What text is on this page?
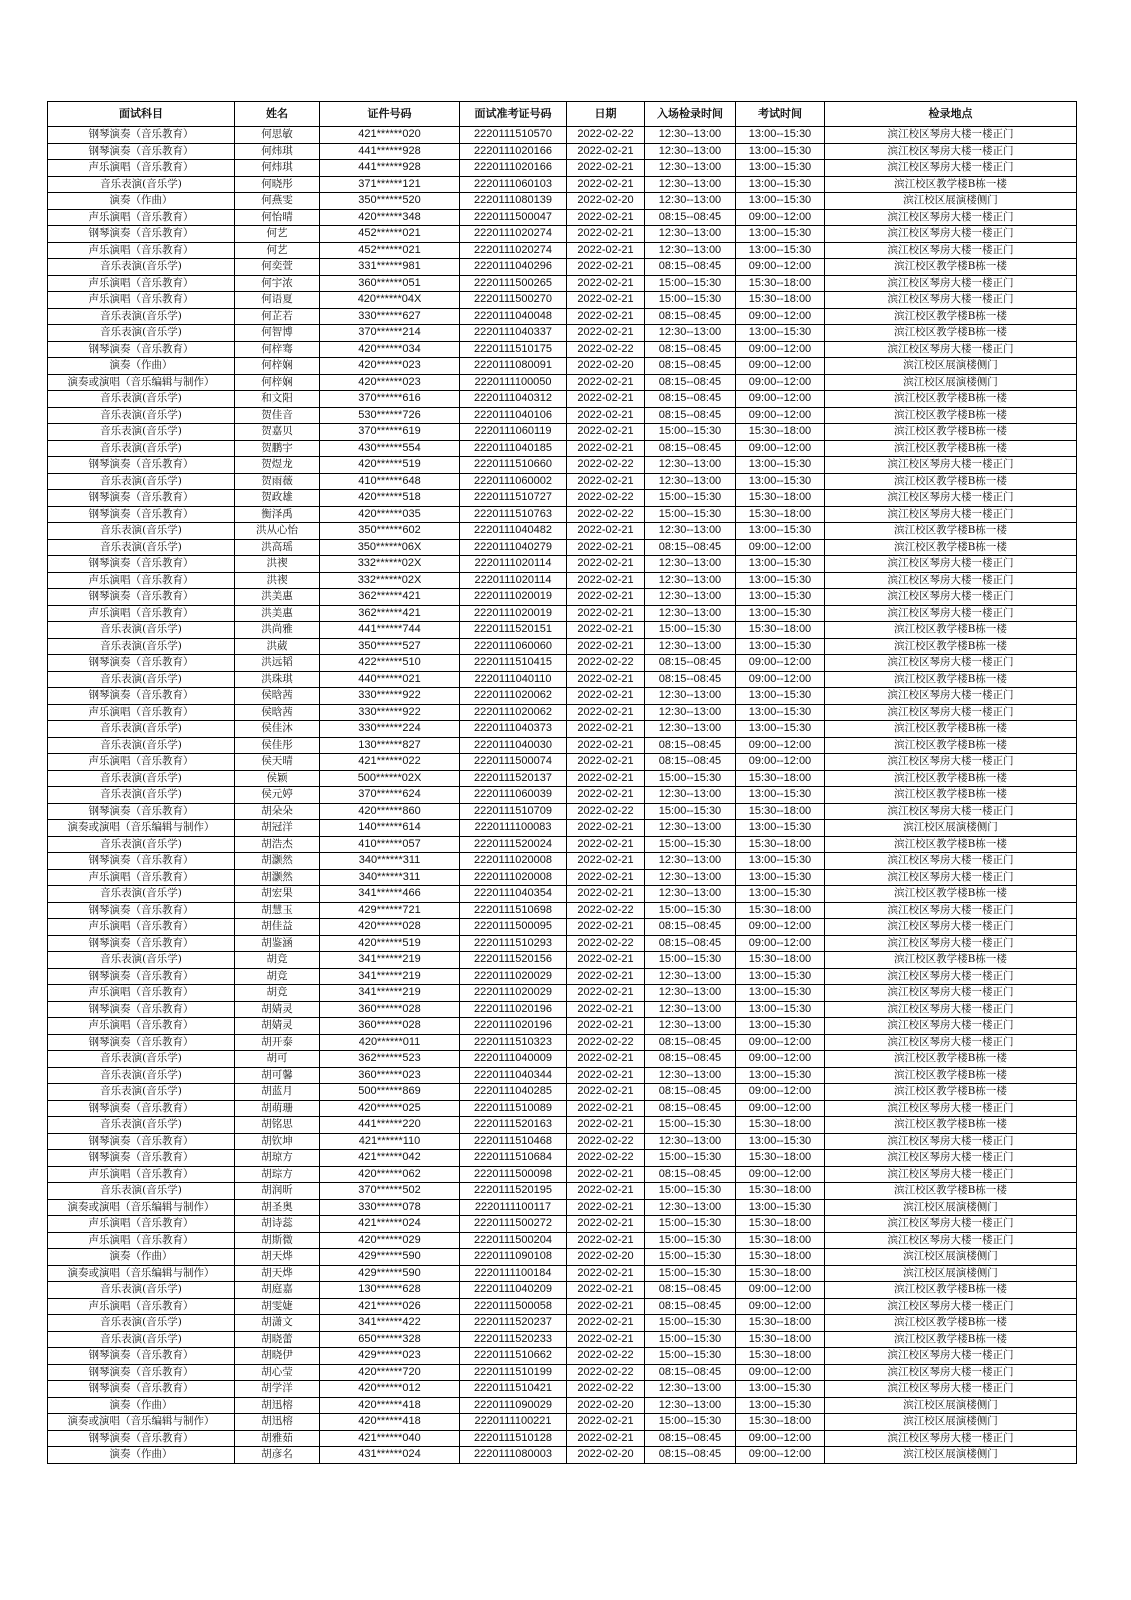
面试科目	姓名	证件号码	面试准考证号码	日期	入场检录时间	考试时间	检录地点
钢琴演奏（音乐教育）	何思敏	421******020	2220111510570	2022-02-22	12:30--13:00	13:00--15:30	滨江校区琴房大楼一楼正门
钢琴演奏（音乐教育）	何炜琪	441******928	2220111020166	2022-02-21	12:30--13:00	13:00--15:30	滨江校区琴房大楼一楼正门
声乐演唱（音乐教育）	何炜琪	441******928	2220111020166	2022-02-21	12:30--13:00	13:00--15:30	滨江校区琴房大楼一楼正门
音乐表演(音乐学)	何晓彤	371******121	2220111060103	2022-02-21	12:30--13:00	13:00--15:30	滨江校区教学楼B栋一楼
演奏（作曲）	何燕雯	350******520	2220111080139	2022-02-20	12:30--13:00	13:00--15:30	滨江校区展演楼侧门
声乐演唱（音乐教育）	何怡晴	420******348	2220111500047	2022-02-21	08:15--08:45	09:00--12:00	滨江校区琴房大楼一楼正门
钢琴演奏（音乐教育）	何艺	452******021	2220111020274	2022-02-21	12:30--13:00	13:00--15:30	滨江校区琴房大楼一楼正门
声乐演唱（音乐教育）	何艺	452******021	2220111020274	2022-02-21	12:30--13:00	13:00--15:30	滨江校区琴房大楼一楼正门
音乐表演(音乐学)	何奕萱	331******981	2220111040296	2022-02-21	08:15--08:45	09:00--12:00	滨江校区教学楼B栋一楼
声乐演唱（音乐教育）	何宇浓	360******051	2220111500265	2022-02-21	15:00--15:30	15:30--18:00	滨江校区琴房大楼一楼正门
声乐演唱（音乐教育）	何语夏	420******04X	2220111500270	2022-02-21	15:00--15:30	15:30--18:00	滨江校区琴房大楼一楼正门
音乐表演(音乐学)	何芷若	330******627	2220111040048	2022-02-21	08:15--08:45	09:00--12:00	滨江校区教学楼B栋一楼
音乐表演(音乐学)	何智博	370******214	2220111040337	2022-02-21	12:30--13:00	13:00--15:30	滨江校区教学楼B栋一楼
钢琴演奏（音乐教育）	何梓骞	420******034	2220111510175	2022-02-22	08:15--08:45	09:00--12:00	滨江校区琴房大楼一楼正门
演奏（作曲）	何梓娴	420******023	2220111080091	2022-02-20	08:15--08:45	09:00--12:00	滨江校区展演楼侧门
演奏或演唱（音乐编辑与制作）	何梓娴	420******023	2220111100050	2022-02-21	08:15--08:45	09:00--12:00	滨江校区展演楼侧门
音乐表演(音乐学)	和文阳	370******616	2220111040312	2022-02-21	08:15--08:45	09:00--12:00	滨江校区教学楼B栋一楼
音乐表演(音乐学)	贺佳音	530******726	2220111040106	2022-02-21	08:15--08:45	09:00--12:00	滨江校区教学楼B栋一楼
音乐表演(音乐学)	贺嘉贝	370******619	2220111060119	2022-02-21	15:00--15:30	15:30--18:00	滨江校区教学楼B栋一楼
音乐表演(音乐学)	贺鹏宇	430******554	2220111040185	2022-02-21	08:15--08:45	09:00--12:00	滨江校区教学楼B栋一楼
钢琴演奏（音乐教育）	贺煜龙	420******519	2220111510660	2022-02-22	12:30--13:00	13:00--15:30	滨江校区琴房大楼一楼正门
音乐表演(音乐学)	贺雨薇	410******648	2220111060002	2022-02-21	12:30--13:00	13:00--15:30	滨江校区教学楼B栋一楼
钢琴演奏（音乐教育）	贺政雄	420******518	2220111510727	2022-02-22	15:00--15:30	15:30--18:00	滨江校区琴房大楼一楼正门
钢琴演奏（音乐教育）	衡泽禹	420******035	2220111510763	2022-02-22	15:00--15:30	15:30--18:00	滨江校区琴房大楼一楼正门
音乐表演(音乐学)	洪从心怡	350******602	2220111040482	2022-02-21	12:30--13:00	13:00--15:30	滨江校区教学楼B栋一楼
音乐表演(音乐学)	洪高瑶	350******06X	2220111040279	2022-02-21	08:15--08:45	09:00--12:00	滨江校区教学楼B栋一楼
钢琴演奏（音乐教育）	洪禊	332******02X	2220111020114	2022-02-21	12:30--13:00	13:00--15:30	滨江校区琴房大楼一楼正门
声乐演唱（音乐教育）	洪禊	332******02X	2220111020114	2022-02-21	12:30--13:00	13:00--15:30	滨江校区琴房大楼一楼正门
钢琴演奏（音乐教育）	洪美惠	362******421	2220111020019	2022-02-21	12:30--13:00	13:00--15:30	滨江校区琴房大楼一楼正门
声乐演唱（音乐教育）	洪美惠	362******421	2220111020019	2022-02-21	12:30--13:00	13:00--15:30	滨江校区琴房大楼一楼正门
音乐表演(音乐学)	洪尚雅	441******744	2220111520151	2022-02-21	15:00--15:30	15:30--18:00	滨江校区教学楼B栋一楼
音乐表演(音乐学)	洪葳	350******527	2220111060060	2022-02-21	12:30--13:00	13:00--15:30	滨江校区教学楼B栋一楼
钢琴演奏（音乐教育）	洪远韬	422******510	2220111510415	2022-02-22	08:15--08:45	09:00--12:00	滨江校区琴房大楼一楼正门
音乐表演(音乐学)	洪珠琪	440******021	2220111040110	2022-02-21	08:15--08:45	09:00--12:00	滨江校区教学楼B栋一楼
钢琴演奏（音乐教育）	侯晗茜	330******922	2220111020062	2022-02-21	12:30--13:00	13:00--15:30	滨江校区琴房大楼一楼正门
声乐演唱（音乐教育）	侯晗茜	330******922	2220111020062	2022-02-21	12:30--13:00	13:00--15:30	滨江校区琴房大楼一楼正门
音乐表演(音乐学)	侯佳沐	330******224	2220111040373	2022-02-21	12:30--13:00	13:00--15:30	滨江校区教学楼B栋一楼
音乐表演(音乐学)	侯佳彤	130******827	2220111040030	2022-02-21	08:15--08:45	09:00--12:00	滨江校区教学楼B栋一楼
声乐演唱（音乐教育）	侯天晴	421******022	2220111500074	2022-02-21	08:15--08:45	09:00--12:00	滨江校区琴房大楼一楼正门
音乐表演(音乐学)	侯颖	500******02X	2220111520137	2022-02-21	15:00--15:30	15:30--18:00	滨江校区教学楼B栋一楼
音乐表演(音乐学)	侯元婷	370******624	2220111060039	2022-02-21	12:30--13:00	13:00--15:30	滨江校区教学楼B栋一楼
钢琴演奏（音乐教育）	胡朵朵	420******860	2220111510709	2022-02-22	15:00--15:30	15:30--18:00	滨江校区琴房大楼一楼正门
演奏或演唱（音乐编辑与制作）	胡冠洋	140******614	2220111100083	2022-02-21	12:30--13:00	13:00--15:30	滨江校区展演楼侧门
音乐表演(音乐学)	胡浩杰	410******057	2220111520024	2022-02-21	15:00--15:30	15:30--18:00	滨江校区教学楼B栋一楼
钢琴演奏（音乐教育）	胡灏然	340******311	2220111020008	2022-02-21	12:30--13:00	13:00--15:30	滨江校区琴房大楼一楼正门
声乐演唱（音乐教育）	胡灏然	340******311	2220111020008	2022-02-21	12:30--13:00	13:00--15:30	滨江校区琴房大楼一楼正门
音乐表演(音乐学)	胡宏果	341******466	2220111040354	2022-02-21	12:30--13:00	13:00--15:30	滨江校区教学楼B栋一楼
钢琴演奏（音乐教育）	胡慧玉	429******721	2220111510698	2022-02-22	15:00--15:30	15:30--18:00	滨江校区琴房大楼一楼正门
声乐演唱（音乐教育）	胡佳益	420******028	2220111500095	2022-02-21	08:15--08:45	09:00--12:00	滨江校区琴房大楼一楼正门
钢琴演奏（音乐教育）	胡鉴涵	420******519	2220111510293	2022-02-22	08:15--08:45	09:00--12:00	滨江校区琴房大楼一楼正门
音乐表演(音乐学)	胡竞	341******219	2220111520156	2022-02-21	15:00--15:30	15:30--18:00	滨江校区教学楼B栋一楼
钢琴演奏（音乐教育）	胡竞	341******219	2220111020029	2022-02-21	12:30--13:00	13:00--15:30	滨江校区琴房大楼一楼正门
声乐演唱（音乐教育）	胡竞	341******219	2220111020029	2022-02-21	12:30--13:00	13:00--15:30	滨江校区琴房大楼一楼正门
钢琴演奏（音乐教育）	胡婧灵	360******028	2220111020196	2022-02-21	12:30--13:00	13:00--15:30	滨江校区琴房大楼一楼正门
声乐演唱（音乐教育）	胡婧灵	360******028	2220111020196	2022-02-21	12:30--13:00	13:00--15:30	滨江校区琴房大楼一楼正门
钢琴演奏（音乐教育）	胡开泰	420******011	2220111510323	2022-02-22	08:15--08:45	09:00--12:00	滨江校区琴房大楼一楼正门
音乐表演(音乐学)	胡可	362******523	2220111040009	2022-02-21	08:15--08:45	09:00--12:00	滨江校区教学楼B栋一楼
音乐表演(音乐学)	胡可馨	360******023	2220111040344	2022-02-21	12:30--13:00	13:00--15:30	滨江校区教学楼B栋一楼
音乐表演(音乐学)	胡蓝月	500******869	2220111040285	2022-02-21	08:15--08:45	09:00--12:00	滨江校区教学楼B栋一楼
钢琴演奏（音乐教育）	胡萌珊	420******025	2220111510089	2022-02-21	08:15--08:45	09:00--12:00	滨江校区琴房大楼一楼正门
音乐表演(音乐学)	胡铭思	441******220	2220111520163	2022-02-21	15:00--15:30	15:30--18:00	滨江校区教学楼B栋一楼
钢琴演奏（音乐教育）	胡钦坤	421******110	2220111510468	2022-02-22	12:30--13:00	13:00--15:30	滨江校区琴房大楼一楼正门
钢琴演奏（音乐教育）	胡琼方	421******042	2220111510684	2022-02-22	15:00--15:30	15:30--18:00	滨江校区琴房大楼一楼正门
声乐演唱（音乐教育）	胡琮方	420******062	2220111500098	2022-02-21	08:15--08:45	09:00--12:00	滨江校区琴房大楼一楼正门
音乐表演(音乐学)	胡润昕	370******502	2220111520195	2022-02-21	15:00--15:30	15:30--18:00	滨江校区教学楼B栋一楼
演奏或演唱（音乐编辑与制作）	胡圣奥	330******078	2220111100117	2022-02-21	12:30--13:00	13:00--15:30	滨江校区展演楼侧门
声乐演唱（音乐教育）	胡诗蕊	421******024	2220111500272	2022-02-21	15:00--15:30	15:30--18:00	滨江校区琴房大楼一楼正门
声乐演唱（音乐教育）	胡斯微	420******029	2220111500204	2022-02-21	15:00--15:30	15:30--18:00	滨江校区琴房大楼一楼正门
演奏（作曲）	胡天烨	429******590	2220111090108	2022-02-20	15:00--15:30	15:30--18:00	滨江校区展演楼侧门
演奏或演唱（音乐编辑与制作）	胡天烨	429******590	2220111100184	2022-02-21	15:00--15:30	15:30--18:00	滨江校区展演楼侧门
音乐表演(音乐学)	胡庭嘉	130******628	2220111040209	2022-02-21	08:15--08:45	09:00--12:00	滨江校区教学楼B栋一楼
声乐演唱（音乐教育）	胡雯婕	421******026	2220111500058	2022-02-21	08:15--08:45	09:00--12:00	滨江校区琴房大楼一楼正门
音乐表演(音乐学)	胡潇文	341******422	2220111520237	2022-02-21	15:00--15:30	15:30--18:00	滨江校区教学楼B栋一楼
音乐表演(音乐学)	胡晓蕾	650******328	2220111520233	2022-02-21	15:00--15:30	15:30--18:00	滨江校区教学楼B栋一楼
钢琴演奏（音乐教育）	胡晓伊	429******023	2220111510662	2022-02-22	15:00--15:30	15:30--18:00	滨江校区琴房大楼一楼正门
钢琴演奏（音乐教育）	胡心莹	420******720	2220111510199	2022-02-22	08:15--08:45	09:00--12:00	滨江校区琴房大楼一楼正门
钢琴演奏（音乐教育）	胡学洋	420******012	2220111510421	2022-02-22	12:30--13:00	13:00--15:30	滨江校区琴房大楼一楼正门
演奏（作曲）	胡迅榕	420******418	2220111090029	2022-02-20	12:30--13:00	13:00--15:30	滨江校区展演楼侧门
演奏或演唱（音乐编辑与制作）	胡迅榕	420******418	2220111100221	2022-02-21	15:00--15:30	15:30--18:00	滨江校区展演楼侧门
钢琴演奏（音乐教育）	胡雅茹	421******040	2220111510128	2022-02-21	08:15--08:45	09:00--12:00	滨江校区琴房大楼一楼正门
演奏（作曲）	胡彦名	431******024	2220111080003	2022-02-20	08:15--08:45	09:00--12:00	滨江校区展演楼侧门
